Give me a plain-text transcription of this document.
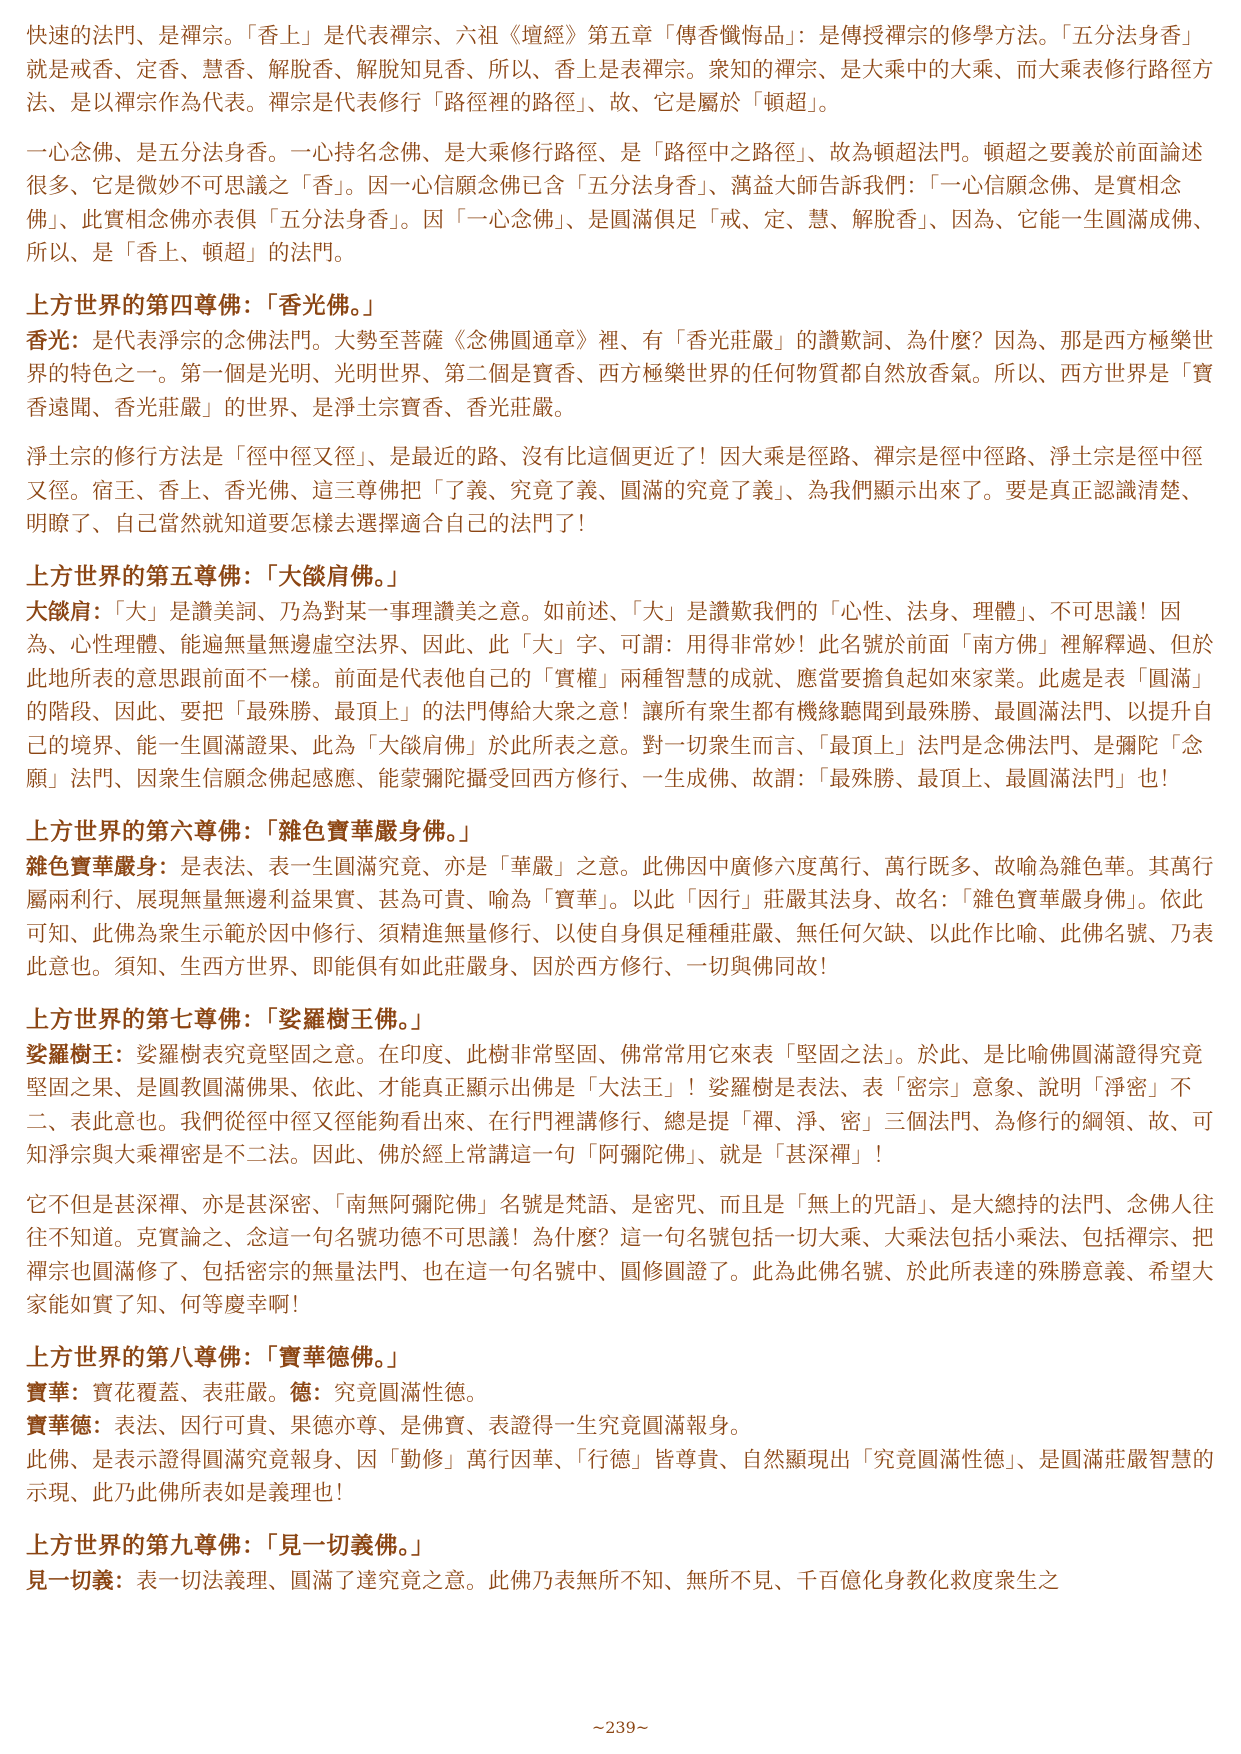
快速的法門、是禪宗。「香上」是代表禪宗、六祖《壇經》第五章「傳香懺悔品」：是傳授禪宗的修學方法。「五分法身香」就是戒香、定香、慧香、解脫香、解脫知見香、所以、香上是表禪宗。衆知的禪宗、是大乘中的大乘、而大乘表修行路徑方法、是以禪宗作為代表。禪宗是代表修行「路徑裡的路徑」、故、它是屬於「頓超」。

一心念佛、是五分法身香。一心持名念佛、是大乘修行路徑、是「路徑中之路徑」、故為頓超法門。頓超之要義於前面論述很多、它是微妙不可思議之「香」。因一心信願念佛已含「五分法身香」、蕅益大師告訴我們：「一心信願念佛、是實相念佛」、此實相念佛亦表俱「五分法身香」。因「一心念佛」、是圓滿俱足「戒、定、慧、解脫香」、因為、它能一生圓滿成佛、所以、是「香上、頓超」的法門。

上方世界的第四尊佛：「香光佛。」

香光：是代表淨宗的念佛法門。大勢至菩薩《念佛圓通章》裡、有「香光莊嚴」的讚歎詞、為什麼？因為、那是西方極樂世界的特色之一。第一個是光明、光明世界、第二個是寶香、西方極樂世界的任何物質都自然放香氣。所以、西方世界是「寶香遠聞、香光莊嚴」的世界、是淨土宗寶香、香光莊嚴。

淨土宗的修行方法是「徑中徑又徑」、是最近的路、沒有比這個更近了！因大乘是徑路、禪宗是徑中徑路、淨土宗是徑中徑又徑。宿王、香上、香光佛、這三尊佛把「了義、究竟了義、圓滿的究竟了義」、為我們顯示出來了。要是真正認識清楚、明瞭了、自己當然就知道要怎樣去選擇適合自己的法門了！

上方世界的第五尊佛：「大燄肩佛。」

大燄肩：「大」是讚美詞、乃為對某一事理讚美之意。如前述、「大」是讚歎我們的「心性、法身、理體」、不可思議！因為、心性理體、能遍無量無邊虛空法界、因此、此「大」字、可謂：用得非常妙！此名號於前面「南方佛」裡解釋過、但於此地所表的意思跟前面不一樣。前面是代表他自己的「實權」兩種智慧的成就、應當要擔負起如來家業。此處是表「圓滿」的階段、因此、要把「最殊勝、最頂上」的法門傳給大衆之意！讓所有衆生都有機緣聽聞到最殊勝、最圓滿法門、以提升自己的境界、能一生圓滿證果、此為「大燄肩佛」於此所表之意。對一切衆生而言、「最頂上」法門是念佛法門、是彌陀「念願」法門、因衆生信願念佛起感應、能蒙彌陀攝受回西方修行、一生成佛、故謂：「最殊勝、最頂上、最圓滿法門」也！

上方世界的第六尊佛：「雜色寶華嚴身佛。」

雜色寶華嚴身：是表法、表一生圓滿究竟、亦是「華嚴」之意。此佛因中廣修六度萬行、萬行既多、故喻為雜色華。其萬行屬兩利行、展現無量無邊利益果實、甚為可貴、喻為「寶華」。以此「因行」莊嚴其法身、故名：「雜色寶華嚴身佛」。依此可知、此佛為衆生示範於因中修行、須精進無量修行、以使自身俱足種種莊嚴、無任何欠缺、以此作比喻、此佛名號、乃表此意也。須知、生西方世界、即能俱有如此莊嚴身、因於西方修行、一切與佛同故！

上方世界的第七尊佛：「娑羅樹王佛。」

娑羅樹王：娑羅樹表究竟堅固之意。在印度、此樹非常堅固、佛常常用它來表「堅固之法」。於此、是比喻佛圓滿證得究竟堅固之果、是圓教圓滿佛果、依此、才能真正顯示出佛是「大法王」！娑羅樹是表法、表「密宗」意象、說明「淨密」不二、表此意也。我們從徑中徑又徑能夠看出來、在行門裡講修行、總是提「禪、淨、密」三個法門、為修行的綱領、故、可知淨宗與大乘禪密是不二法。因此、佛於經上常講這一句「阿彌陀佛」、就是「甚深禪」！

它不但是甚深禪、亦是甚深密、「南無阿彌陀佛」名號是梵語、是密咒、而且是「無上的咒語」、是大總持的法門、念佛人往往不知道。克實論之、念這一句名號功德不可思議！為什麼？這一句名號包括一切大乘、大乘法包括小乘法、包括禪宗、把禪宗也圓滿修了、包括密宗的無量法門、也在這一句名號中、圓修圓證了。此為此佛名號、於此所表達的殊勝意義、希望大家能如實了知、何等慶幸啊！

上方世界的第八尊佛：「寶華德佛。」

寶華：寶花覆蓋、表莊嚴。德：究竟圓滿性德。

寶華德：表法、因行可貴、果德亦尊、是佛寶、表證得一生究竟圓滿報身。

此佛、是表示證得圓滿究竟報身、因「勤修」萬行因華、「行德」皆尊貴、自然顯現出「究竟圓滿性德」、是圓滿莊嚴智慧的示現、此乃此佛所表如是義理也！

上方世界的第九尊佛：「見一切義佛。」

見一切義：表一切法義理、圓滿了達究竟之意。此佛乃表無所不知、無所不見、千百億化身教化救度衆生之

~239~
